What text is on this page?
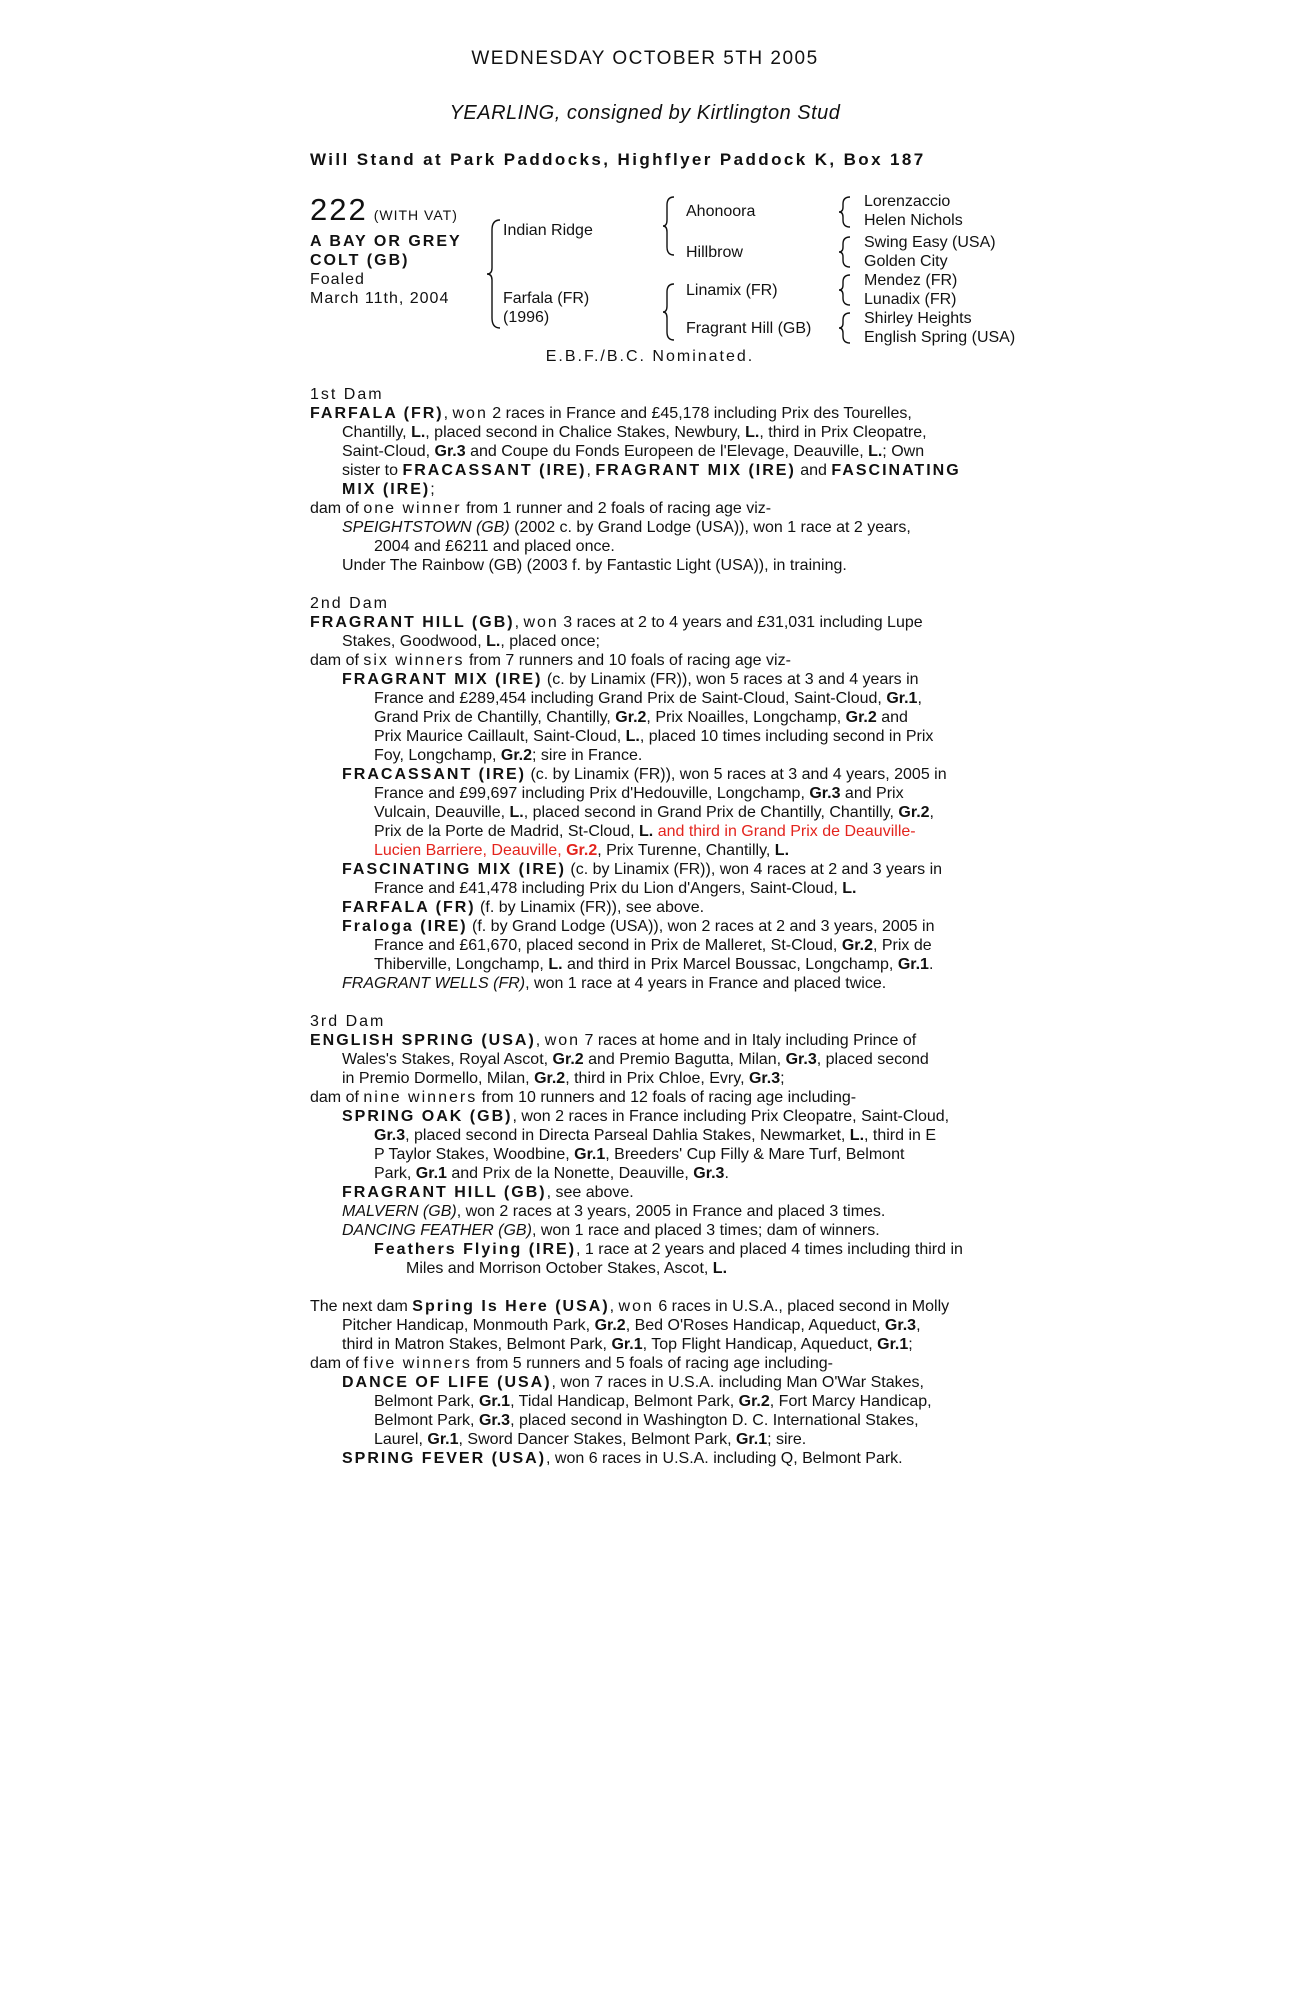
WEDNESDAY OCTOBER 5TH 2005
YEARLING, consigned by Kirtlington Stud
Will Stand at Park Paddocks, Highflyer Paddock K, Box 187
222 (WITH VAT)
A BAY OR GREY
COLT (GB)
Foaled
March 11th, 2004
Indian Ridge
Farfala (FR)
(1996)
Ahonoora
Hillbrow
Linamix (FR)
Fragrant Hill (GB)
Lorenzaccio
Helen Nichols
Swing Easy (USA)
Golden City
Mendez (FR)
Lunadix (FR)
Shirley Heights
English Spring (USA)
E.B.F./B.C. Nominated.
1st Dam
FARFALA (FR), won 2 races in France and £45,178 including Prix des Tourelles,
Chantilly, L., placed second in Chalice Stakes, Newbury, L., third in Prix Cleopatre,
Saint-Cloud, Gr.3 and Coupe du Fonds Europeen de l'Elevage, Deauville, L.; Own
sister to FRACASSANT (IRE), FRAGRANT MIX (IRE) and FASCINATING
MIX (IRE);
dam of one winner from 1 runner and 2 foals of racing age viz-
SPEIGHTSTOWN (GB) (2002 c. by Grand Lodge (USA)), won 1 race at 2 years,
2004 and £6211 and placed once.
Under The Rainbow (GB) (2003 f. by Fantastic Light (USA)), in training.
2nd Dam
FRAGRANT HILL (GB), won 3 races at 2 to 4 years and £31,031 including Lupe
Stakes, Goodwood, L., placed once;
dam of six winners from 7 runners and 10 foals of racing age viz-
FRAGRANT MIX (IRE) (c. by Linamix (FR)), won 5 races at 3 and 4 years in
France and £289,454 including Grand Prix de Saint-Cloud, Saint-Cloud, Gr.1,
Grand Prix de Chantilly, Chantilly, Gr.2, Prix Noailles, Longchamp, Gr.2 and
Prix Maurice Caillault, Saint-Cloud, L., placed 10 times including second in Prix
Foy, Longchamp, Gr.2; sire in France.
FRACASSANT (IRE) (c. by Linamix (FR)), won 5 races at 3 and 4 years, 2005 in
France and £99,697 including Prix d'Hedouville, Longchamp, Gr.3 and Prix
Vulcain, Deauville, L., placed second in Grand Prix de Chantilly, Chantilly, Gr.2,
Prix de la Porte de Madrid, St-Cloud, L. and third in Grand Prix de Deauville-
Lucien Barriere, Deauville, Gr.2, Prix Turenne, Chantilly, L.
FASCINATING MIX (IRE) (c. by Linamix (FR)), won 4 races at 2 and 3 years in
France and £41,478 including Prix du Lion d'Angers, Saint-Cloud, L.
FARFALA (FR) (f. by Linamix (FR)), see above.
Fraloga (IRE) (f. by Grand Lodge (USA)), won 2 races at 2 and 3 years, 2005 in
France and £61,670, placed second in Prix de Malleret, St-Cloud, Gr.2, Prix de
Thiberville, Longchamp, L. and third in Prix Marcel Boussac, Longchamp, Gr.1.
FRAGRANT WELLS (FR), won 1 race at 4 years in France and placed twice.
3rd Dam
ENGLISH SPRING (USA), won 7 races at home and in Italy including Prince of
Wales's Stakes, Royal Ascot, Gr.2 and Premio Bagutta, Milan, Gr.3, placed second
in Premio Dormello, Milan, Gr.2, third in Prix Chloe, Evry, Gr.3;
dam of nine winners from 10 runners and 12 foals of racing age including-
SPRING OAK (GB), won 2 races in France including Prix Cleopatre, Saint-Cloud,
Gr.3, placed second in Directa Parseal Dahlia Stakes, Newmarket, L., third in E
P Taylor Stakes, Woodbine, Gr.1, Breeders' Cup Filly & Mare Turf, Belmont
Park, Gr.1 and Prix de la Nonette, Deauville, Gr.3.
FRAGRANT HILL (GB), see above.
MALVERN (GB), won 2 races at 3 years, 2005 in France and placed 3 times.
DANCING FEATHER (GB), won 1 race and placed 3 times; dam of winners.
Feathers Flying (IRE), 1 race at 2 years and placed 4 times including third in
Miles and Morrison October Stakes, Ascot, L.
The next dam Spring Is Here (USA), won 6 races in U.S.A., placed second in Molly
Pitcher Handicap, Monmouth Park, Gr.2, Bed O'Roses Handicap, Aqueduct, Gr.3,
third in Matron Stakes, Belmont Park, Gr.1, Top Flight Handicap, Aqueduct, Gr.1;
dam of five winners from 5 runners and 5 foals of racing age including-
DANCE OF LIFE (USA), won 7 races in U.S.A. including Man O'War Stakes,
Belmont Park, Gr.1, Tidal Handicap, Belmont Park, Gr.2, Fort Marcy Handicap,
Belmont Park, Gr.3, placed second in Washington D. C. International Stakes,
Laurel, Gr.1, Sword Dancer Stakes, Belmont Park, Gr.1; sire.
SPRING FEVER (USA), won 6 races in U.S.A. including Q, Belmont Park.
